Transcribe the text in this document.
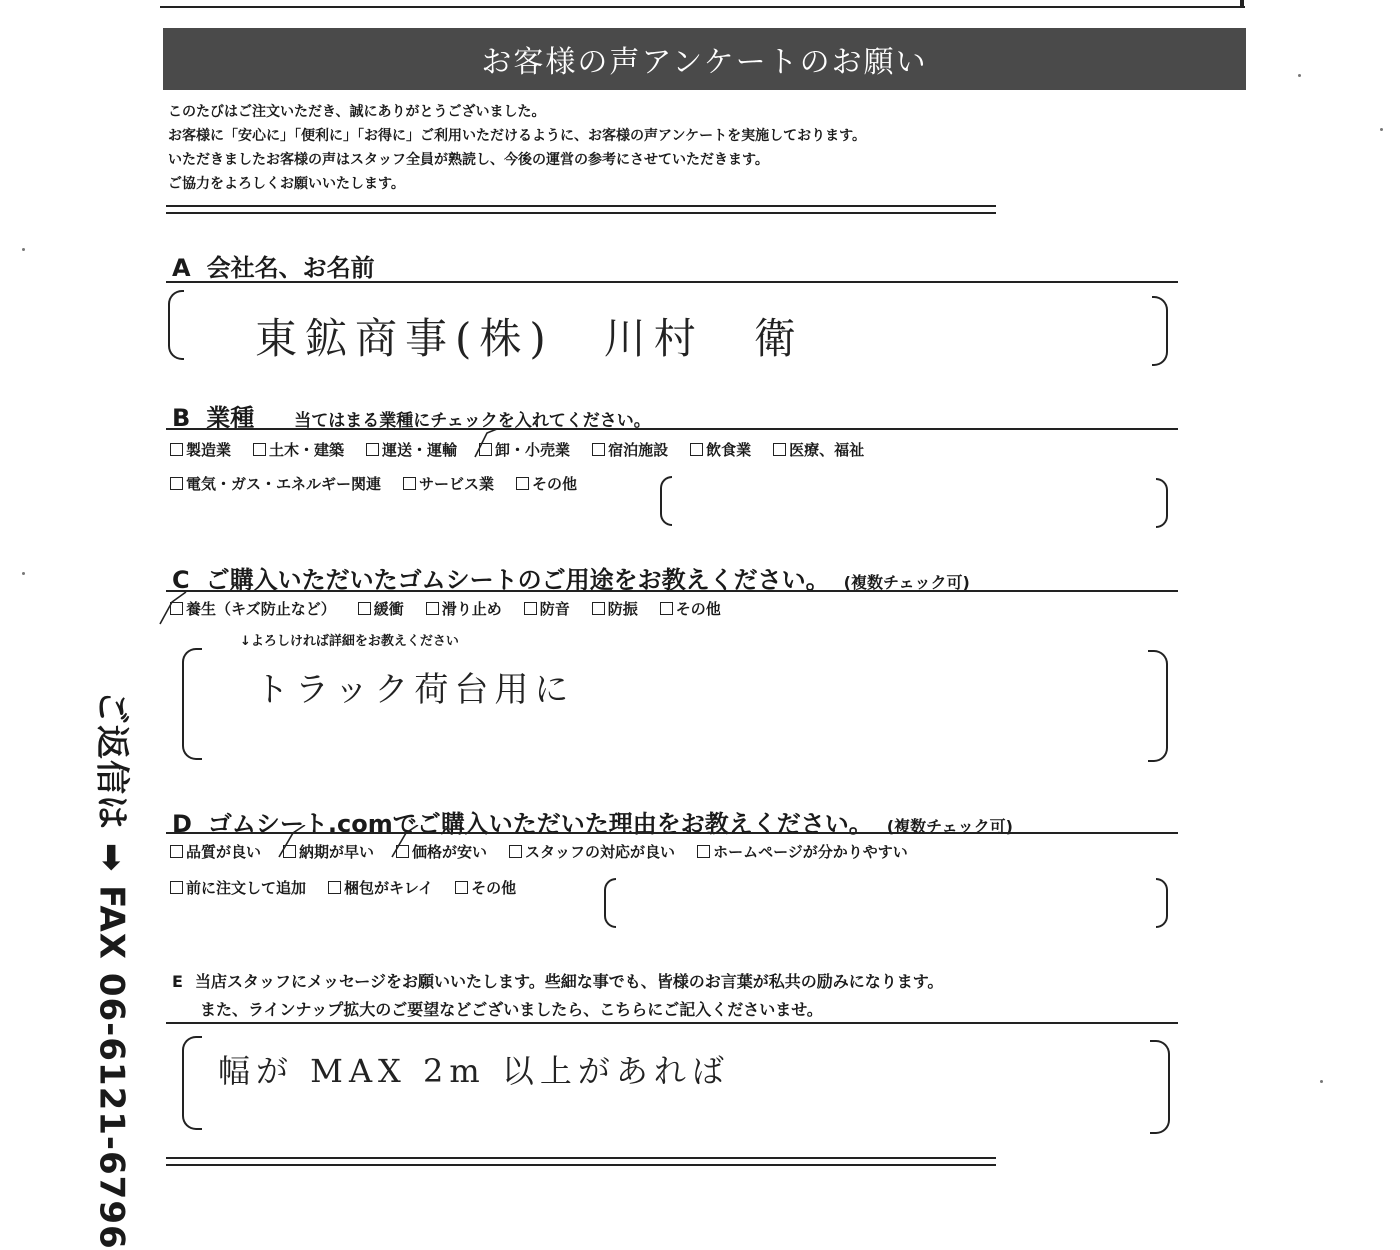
お客様の声アンケートのお願い
このたびはご注文いただき、誠にありがとうございました。
お客様に「安心に」「便利に」「お得に」ご利用いただけるように、お客様の声アンケートを実施しております。
いただきましたお客様の声はスタッフ全員が熟読し、今後の運営の参考にさせていただきます。
ご協力をよろしくお願いいたします。
A 会社名、お名前
東鉱商事(株)　川村　衛
B 業種 当てはまる業種にチェックを入れてください。
製造業	土木・建築	運送・運輸	卸・小売業	宿泊施設	飲食業	医療、福祉
電気・ガス・エネルギー関連	サービス業	その他
C ご購入いただいたゴムシートのご用途をお教えください。 (複数チェック可)
養生（キズ防止など）	緩衝	滑り止め	防音	防振	その他
↓よろしければ詳細をお教えください
トラック荷台用に
D ゴムシート.comでご購入いただいた理由をお教えください。 (複数チェック可)
品質が良い	納期が早い	価格が安い	スタッフの対応が良い	ホームページが分かりやすい
前に注文して追加	梱包がキレイ	その他
E 当店スタッフにメッセージをお願いいたします。些細な事でも、皆様のお言葉が私共の励みになります。
また、ラインナップ拡大のご要望などございましたら、こちらにご記入くださいませ。
幅が MAX 2m 以上があれば
ご返信は ➡ FAX 06-6121-6796
